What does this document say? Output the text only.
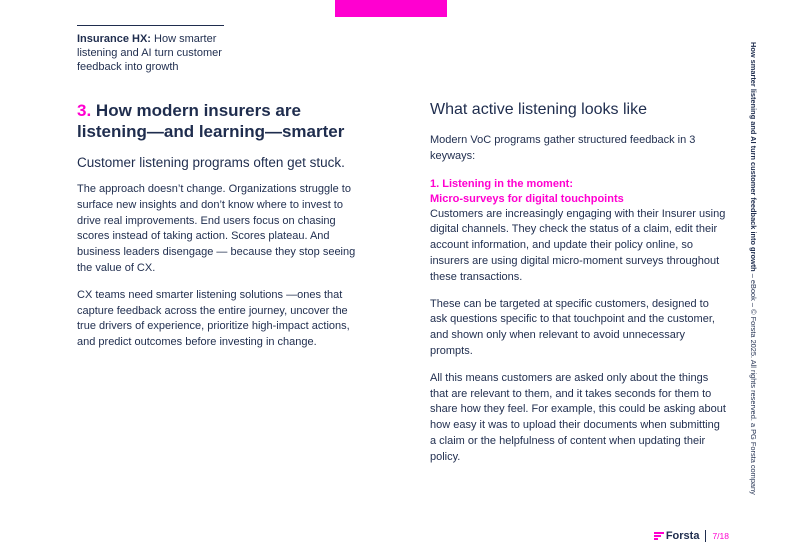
Insurance HX: How smarter listening and AI turn customer feedback into growth
3. How modern insurers are listening—and learning—smarter
Customer listening programs often get stuck.

The approach doesn’t change. Organizations struggle to surface new insights and don’t know where to invest to drive real improvements. End users focus on chasing scores instead of taking action. Scores plateau. And business leaders disengage — because they stop seeing the value of CX.

CX teams need smarter listening solutions —ones that capture feedback across the entire journey, uncover the true drivers of experience, prioritize high-impact actions, and predict outcomes before investing in change.

What active listening looks like

Modern VoC programs gather structured feedback in 3 keyways:

1. Listening in the moment:
Micro-surveys for digital touchpoints

Customers are increasingly engaging with their Insurer using digital channels. They check the status of a claim, edit their account information, and update their policy online, so insurers are using digital micro-moment surveys throughout these transactions.

These can be targeted at specific customers, designed to ask questions specific to that touchpoint and the customer, and shown only when relevant to avoid unnecessary prompts.

All this means customers are asked only about the things that are relevant to them, and it takes seconds for them to share how they feel. For example, this could be asking about how easy it was to upload their documents when submitting a claim or the helpfulness of content when updating their policy.

How smarter listening and AI turn customer feedback into growth – eBook – © Forsta 2025. All rights reserved. a PG Forsta company
Forsta 7/18
